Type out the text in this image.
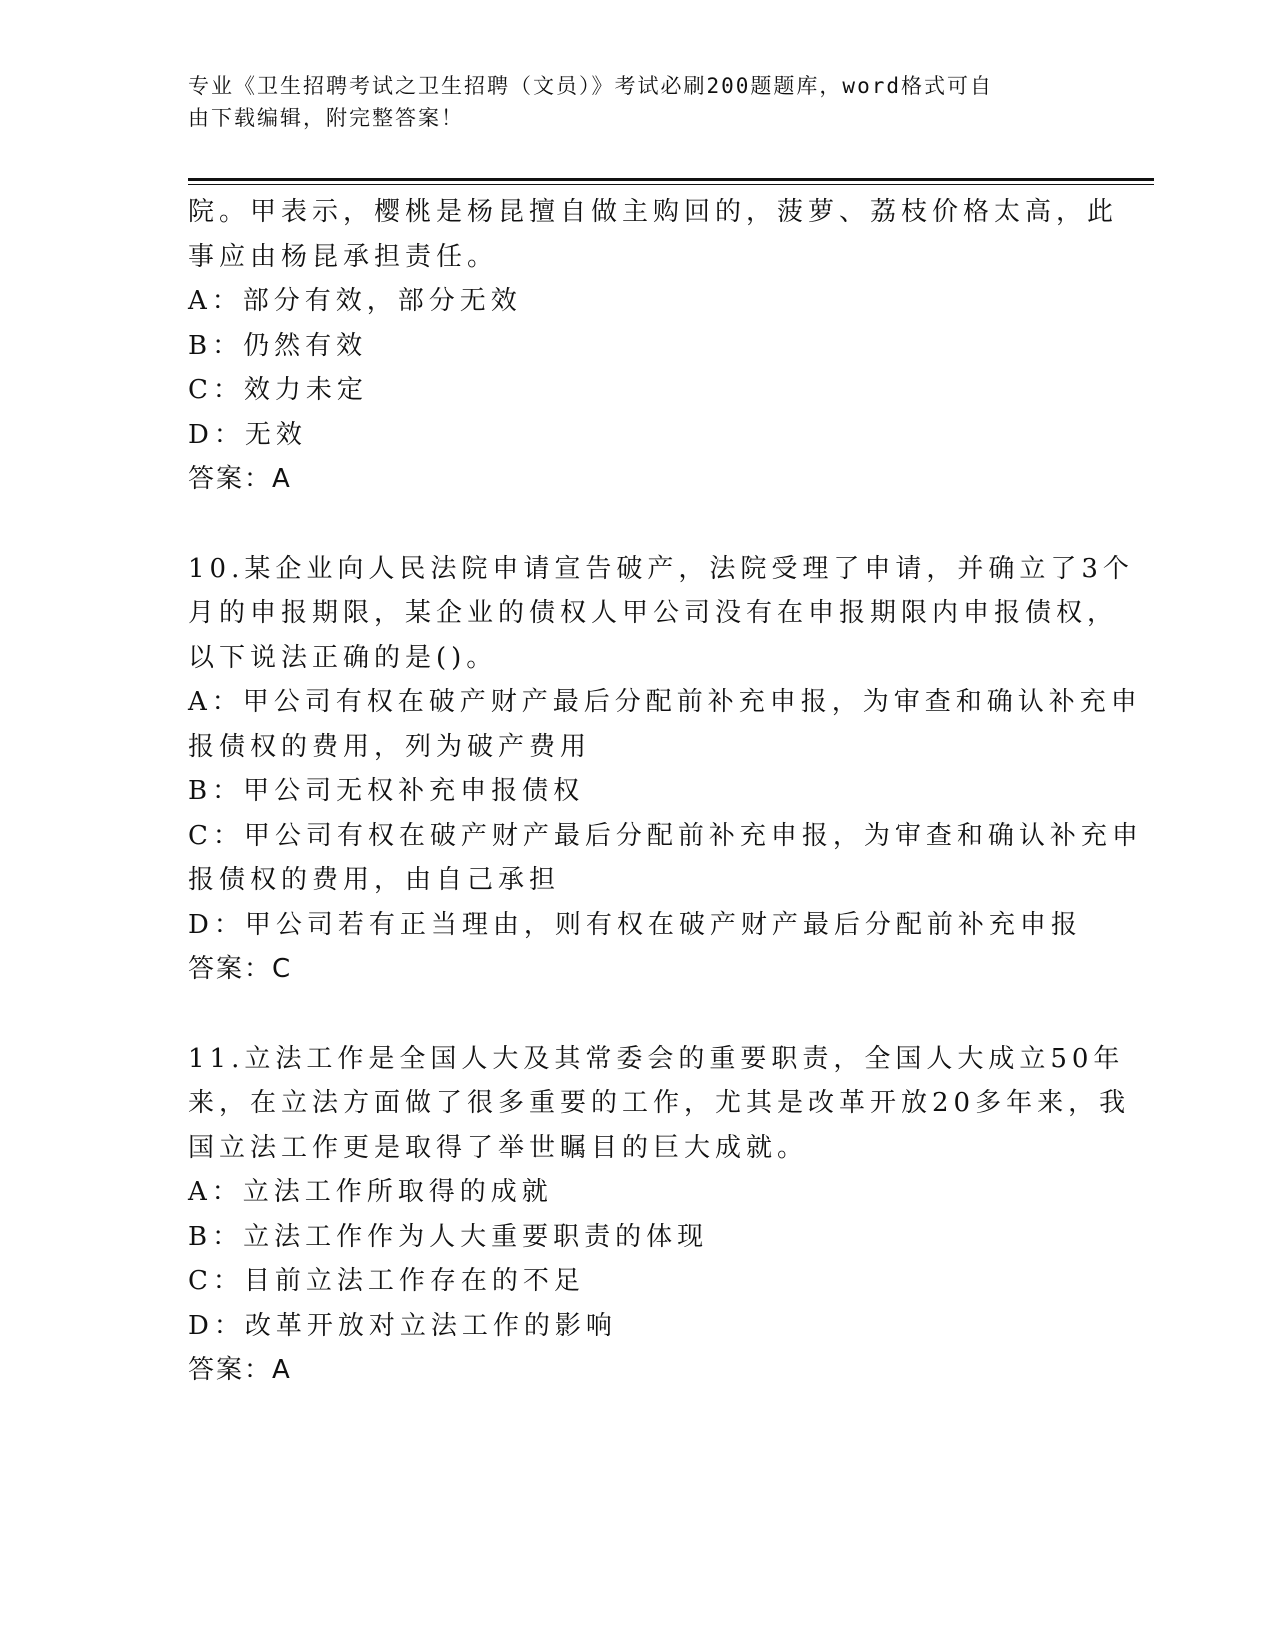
专业《卫生招聘考试之卫生招聘（文员）》考试必刷200题题库，word格式可自
由下载编辑，附完整答案！
院。甲表示，樱桃是杨昆擅自做主购回的，菠萝、荔枝价格太高，此
事应由杨昆承担责任。
A：部分有效，部分无效
B：仍然有效
C：效力未定
D：无效
答案：A
10.某企业向人民法院申请宣告破产，法院受理了申请，并确立了3个
月的申报期限，某企业的债权人甲公司没有在申报期限内申报债权，
以下说法正确的是()。
A：甲公司有权在破产财产最后分配前补充申报，为审查和确认补充申
报债权的费用，列为破产费用
B：甲公司无权补充申报债权
C：甲公司有权在破产财产最后分配前补充申报，为审查和确认补充申
报债权的费用，由自己承担
D：甲公司若有正当理由，则有权在破产财产最后分配前补充申报
答案：C
11.立法工作是全国人大及其常委会的重要职责，全国人大成立50年
来，在立法方面做了很多重要的工作，尤其是改革开放20多年来，我
国立法工作更是取得了举世瞩目的巨大成就。
A：立法工作所取得的成就
B：立法工作作为人大重要职责的体现
C：目前立法工作存在的不足
D：改革开放对立法工作的影响
答案：A
